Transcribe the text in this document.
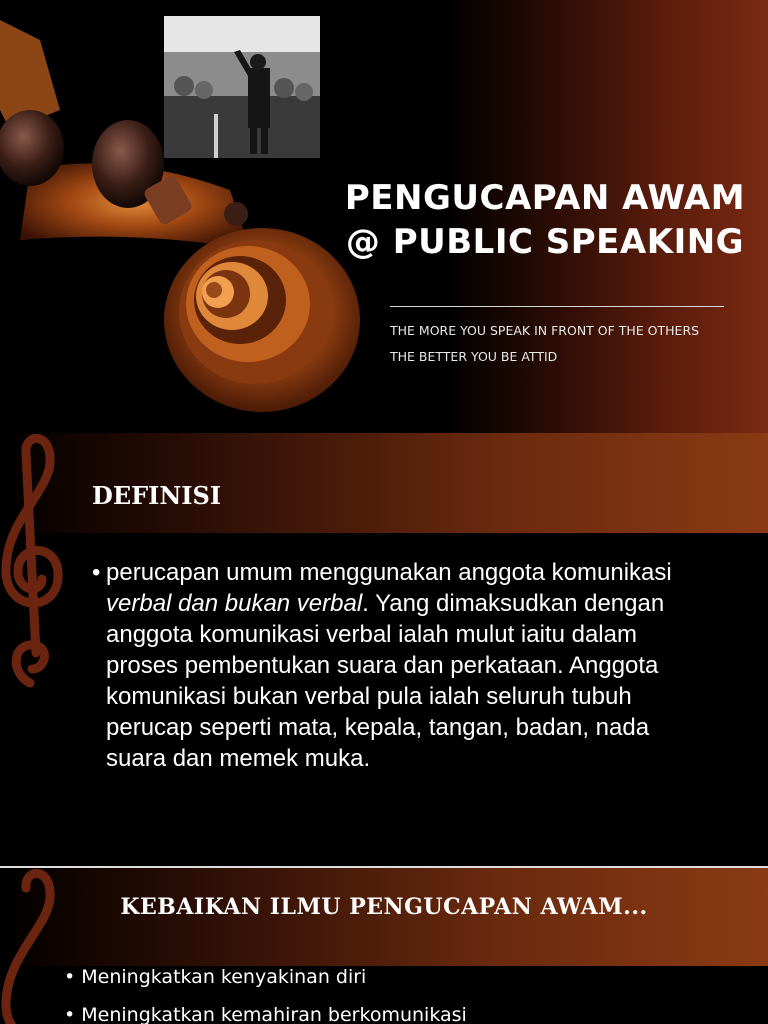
PENGUCAPAN AWAM
@ PUBLIC SPEAKING
THE MORE YOU SPEAK IN FRONT OF THE OTHERS
THE BETTER YOU BE ATTID
DEFINISI
• perucapan umum menggunakan anggota komunikasi verbal dan bukan verbal. Yang dimaksudkan dengan anggota komunikasi verbal ialah mulut iaitu dalam proses pembentukan suara dan perkataan. Anggota komunikasi bukan verbal pula ialah seluruh tubuh perucap seperti mata, kepala, tangan, badan, nada suara dan memek muka.
KEBAIKAN ILMU PENGUCAPAN AWAM...
• Meningkatkan kenyakinan diri
• Meningkatkan kemahiran berkomunikasi
